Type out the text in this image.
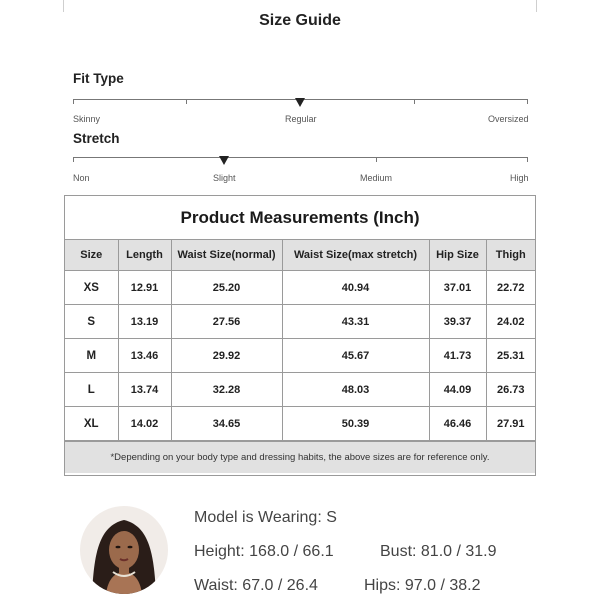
Size Guide
Fit Type
Skinny	Regular	Oversized
Stretch
Non	Slight	Medium	High
Product Measurements (Inch)
Size	Length	Waist Size(normal)	Waist Size(max stretch)	Hip Size	Thigh
XS	12.91	25.20	40.94	37.01	22.72
S	13.19	27.56	43.31	39.37	24.02
M	13.46	29.92	45.67	41.73	25.31
L	13.74	32.28	48.03	44.09	26.73
XL	14.02	34.65	50.39	46.46	27.91
*Depending on your body type and dressing habits, the above sizes are for reference only.
Model is Wearing: S
Height: 168.0 / 66.1	Bust: 81.0 / 31.9
Waist: 67.0 / 26.4	Hips: 97.0 / 38.2
